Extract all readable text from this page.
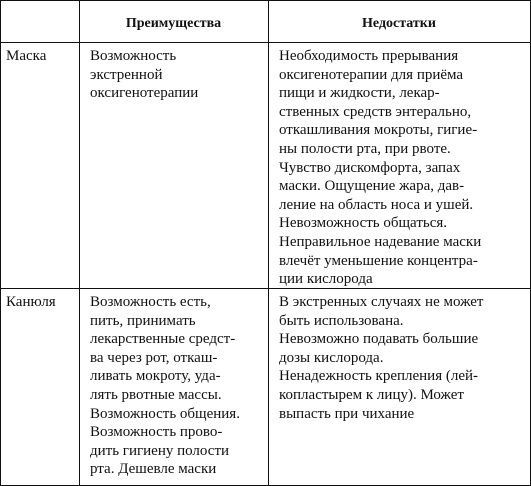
Преимущества	Недостатки
Маска	Возможность
экстренной
оксигенотерапии
Необходимость прерывания
оксигенотерапии для приёма
пищи и жидкости, лекар-
ственных средств энтерально,
откашливания мокроты, гигие-
ны полости рта, при рвоте.
Чувство дискомфорта, запах
маски. Ощущение жара, дав-
ление на область носа и ушей.
Невозможность общаться.
Неправильное надевание маски
влечёт уменьшение концентра-
ции кислорода
Канюля Возможность есть,
пить, принимать
лекарственные средст-
ва через рот, откаш-
ливать мокроту, уда-
лять рвотные массы.
Возможность общения.
Возможность прово-
дить гигиену полости
рта. Дешевле маски
В экстренных случаях не может
быть использована.
Невозможно подавать большие
дозы кислорода.
Ненадежность крепления (лей-
копластырем к лицу). Может
выпасть при чихание
